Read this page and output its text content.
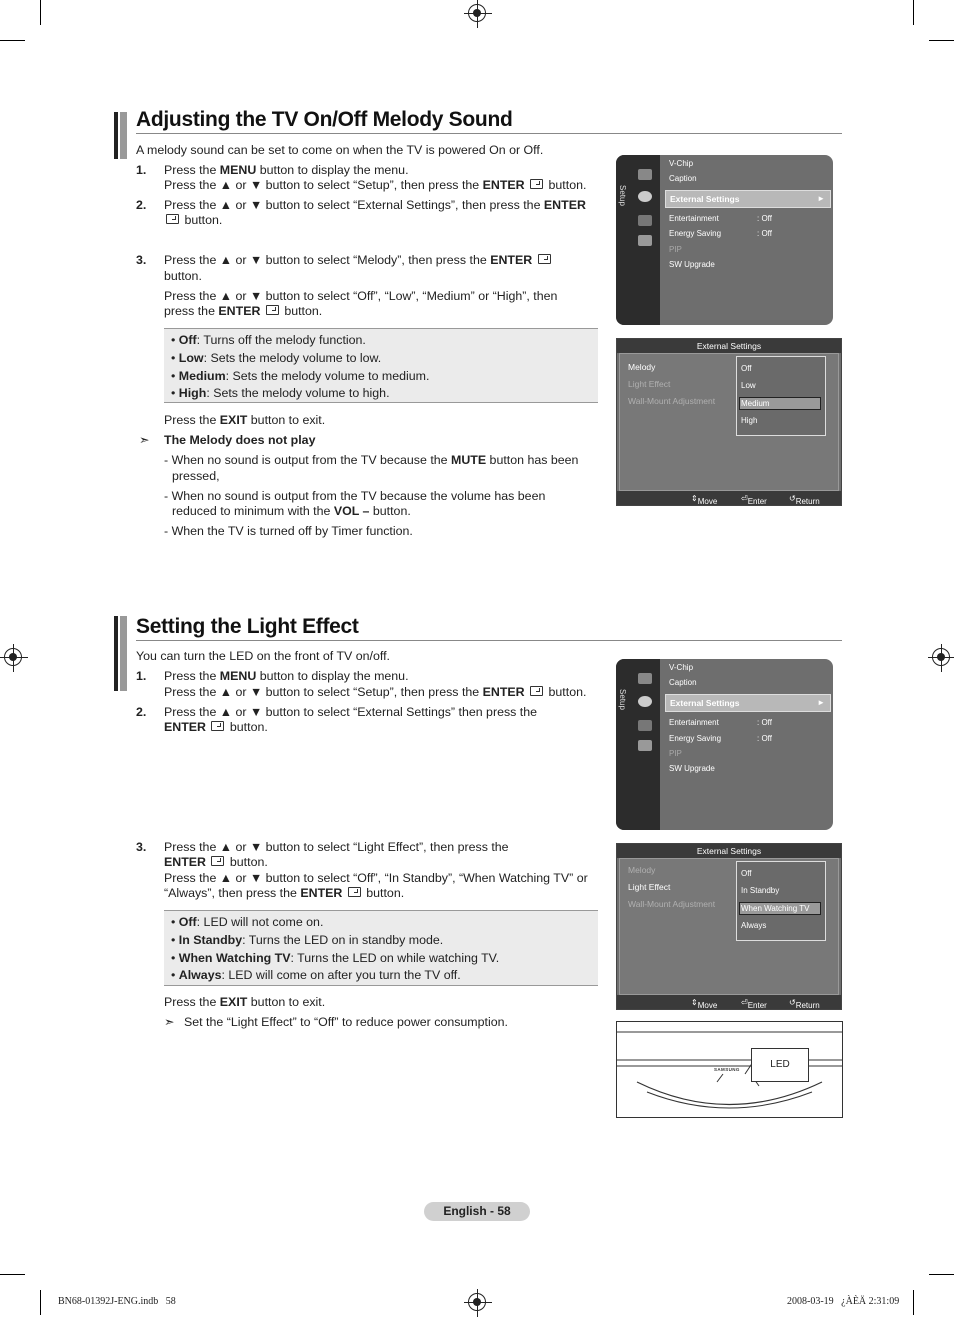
Adjusting the TV On/Off Melody Sound
A melody sound can be set to come on when the TV is powered On or Off.
1. Press the MENU button to display the menu.
Press the ▲ or ▼ button to select “Setup”, then press the ENTER  button.
2. Press the ▲ or ▼ button to select “External Settings”, then press the ENTER
button.
3. Press the ▲ or ▼ button to select “Melody”, then press the ENTER
button.
Press the ▲ or ▼ button to select “Off”, “Low”, “Medium” or “High”, then
press the ENTER  button.
• Off: Turns off the melody function.
• Low: Sets the melody volume to low.
• Medium: Sets the melody volume to medium.
• High: Sets the melody volume to high.
Press the EXIT button to exit.
➣ The Melody does not play
- When no sound is output from the TV because the MUTE button has been
pressed,
- When no sound is output from the TV because the volume has been
reduced to minimum with the VOL – button.
- When the TV is turned off by Timer function.
Setup
V-Chip
Caption
External Settings	►
Entertainment	: Off
Energy Saving	: Off
PIP
SW Upgrade
External Settings
Melody
Light Effect
Wall-Mount Adjustment
Off
Low
Medium
High
⇕ Move	⏎ Enter	↺ Return
Setting the Light Effect
You can turn the LED on the front of TV on/off.
1. Press the MENU button to display the menu.
Press the ▲ or ▼ button to select “Setup”, then press the ENTER  button.
2. Press the ▲ or ▼ button to select “External Settings” then press the
ENTER  button.
3. Press the ▲ or ▼ button to select “Light Effect”, then press the
ENTER  button.
Press the ▲ or ▼ button to select “Off”, “In Standby”, “When Watching TV” or
“Always”, then press the ENTER  button.
• Off: LED will not come on.
• In Standby: Turns the LED on in standby mode.
• When Watching TV: Turns the LED on while watching TV.
• Always: LED will come on after you turn the TV off.
Press the EXIT button to exit.
➣ Set the “Light Effect” to “Off” to reduce power consumption.
Setup
V-Chip
Caption
External Settings	►
Entertainment	: Off
Energy Saving	: Off
PIP
SW Upgrade
External Settings
Melody
Light Effect
Wall-Mount Adjustment
Off
In Standby
When Watching TV
Always
⇕ Move	⏎ Enter	↺ Return
SAMSUNG	LED
English - 58
BN68-01392J-ENG.indb   58	2008-03-19   ¿ÀÈÄ 2:31:09
